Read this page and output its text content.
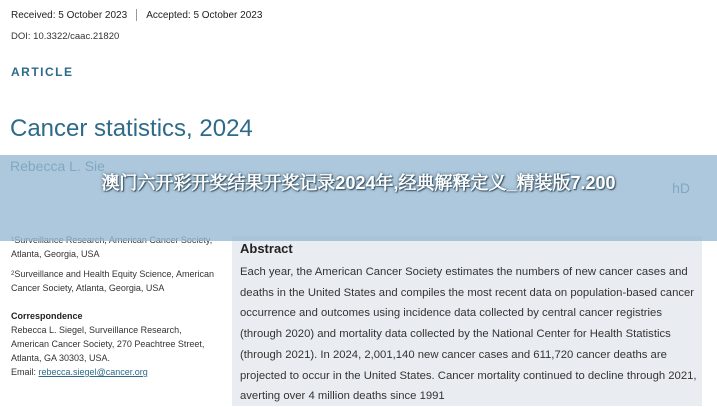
Received: 5 October 2023 Accepted: 5 October 2023
DOI: 10.3322/caac.21820
ARTICLE
Cancer statistics, 2024
Atlanta, Georgia, USA
$^2$Surveillance and Health Equity Science, American Cancer Society, Atlanta, Georgia, USA
Correspondence
Rebecca L. Siegel, Surveillance Research, American Cancer Society, 270 Peachtree Street, Atlanta, GA 30303, USA.
Email: rebecca.siegel@cancer.org
Abstract
Each year, the American Cancer Society estimates the numbers of new cancer cases and deaths in the United States and compiles the most recent data on population-based cancer occurrence and outcomes using incidence data collected by central cancer registries (through 2020) and mortality data collected by the National Center for Health Statistics (through 2021). In 2024, 2,001,140 new cancer cases and 611,720 cancer deaths are projected to occur in the United States. Cancer mortality continued to decline through 2021, averting over 4 million deaths since 1991
澳门六开彩开奖结果开奖记录2024年,经典解释定义_精装版7.200
